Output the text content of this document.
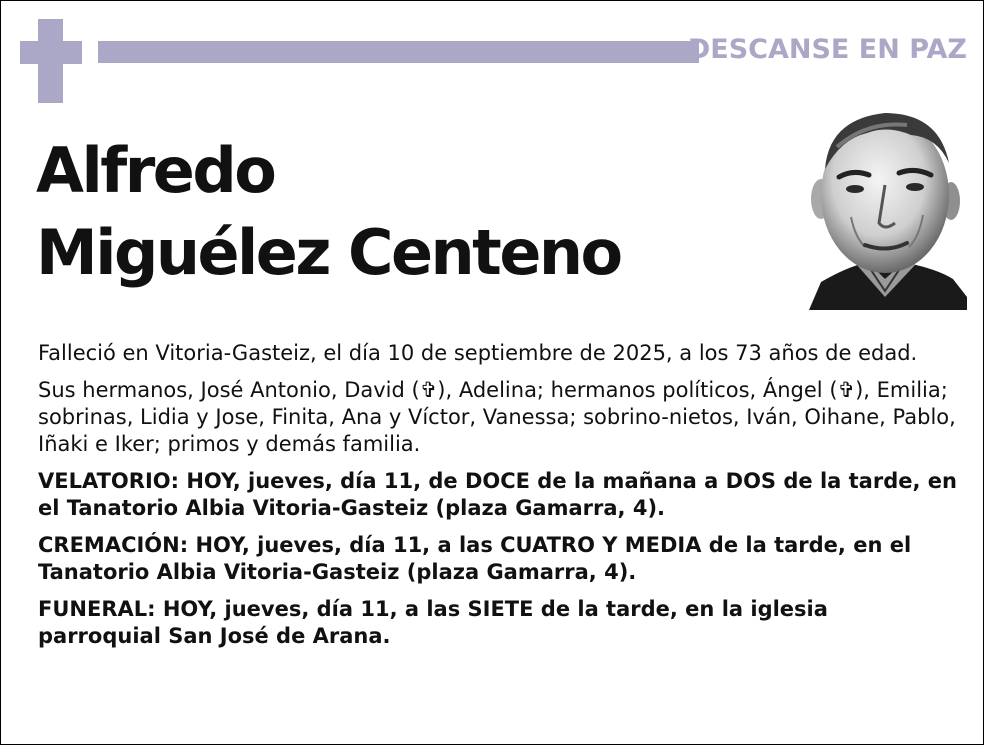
DESCANSE EN PAZ
Alfredo
Miguélez Centeno

Falleció en Vitoria-Gasteiz, el día 10 de septiembre de 2025, a los 73 años de edad.

Sus hermanos, José Antonio, David (✞), Adelina; hermanos políticos, Ángel (✞), Emilia; sobrinas, Lidia y Jose, Finita, Ana y Víctor, Vanessa; sobrino-nietos, Iván, Oihane, Pablo, Iñaki e Iker; primos y demás familia.

VELATORIO: HOY, jueves, día 11, de DOCE de la mañana a DOS de la tarde, en el Tanatorio Albia Vitoria-Gasteiz (plaza Gamarra, 4).

CREMACIÓN: HOY, jueves, día 11, a las CUATRO Y MEDIA de la tarde, en el Tanatorio Albia Vitoria-Gasteiz (plaza Gamarra, 4).

FUNERAL: HOY, jueves, día 11, a las SIETE de la tarde, en la iglesia parroquial San José de Arana.
